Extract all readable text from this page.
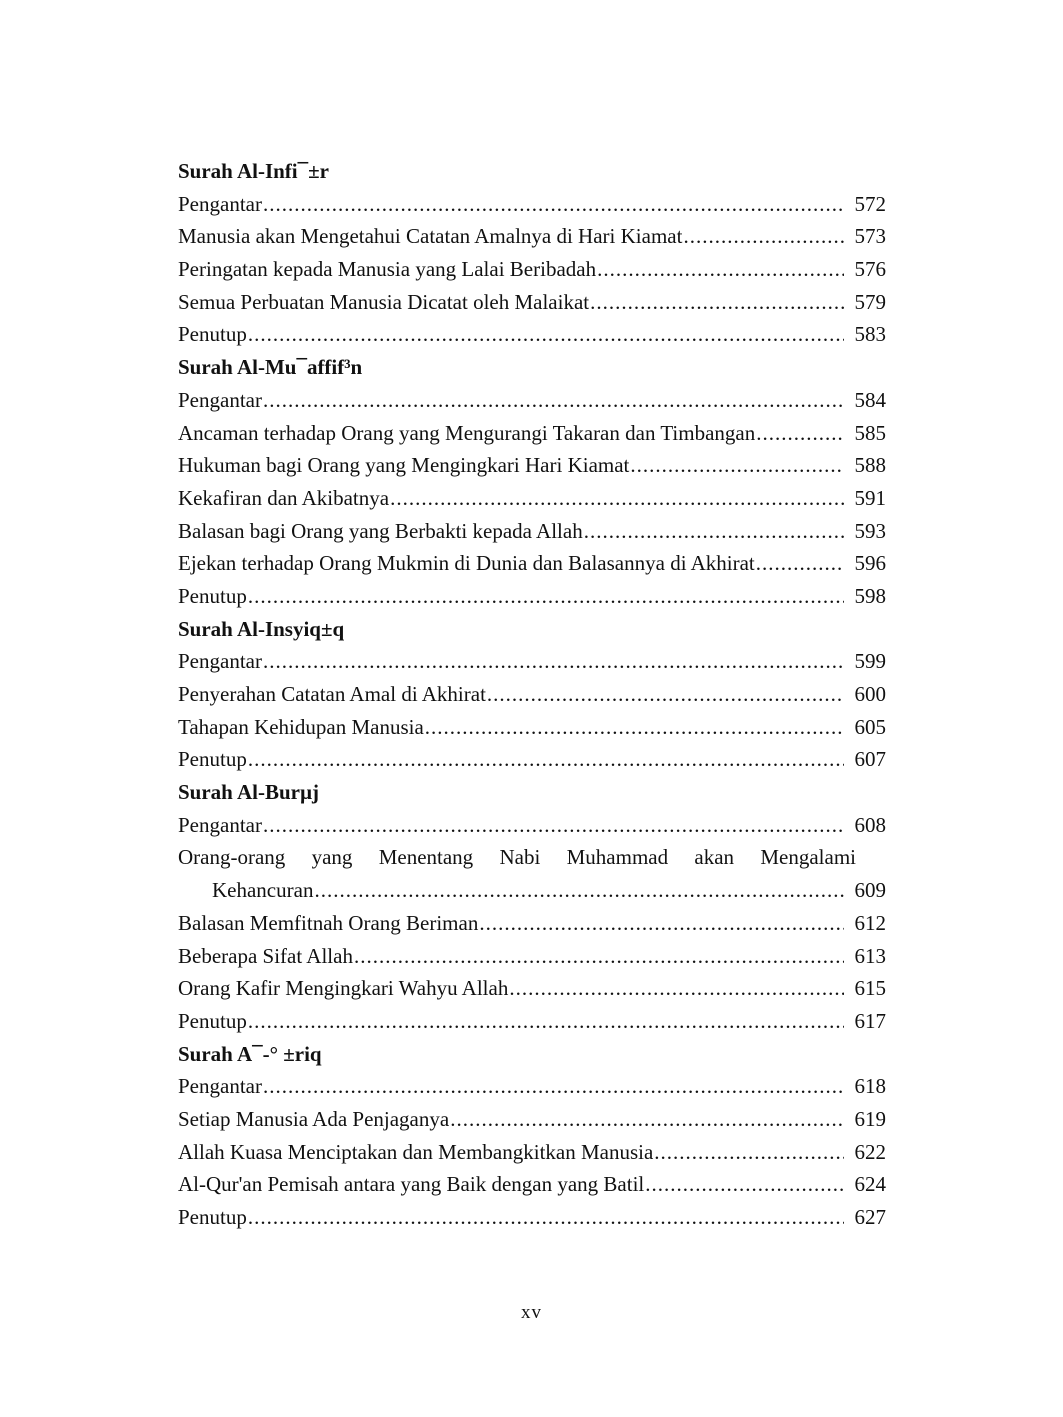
Surah Al-Infi¯±r
Pengantar .....	572
Manusia akan Mengetahui Catatan Amalnya di Hari Kiamat .....	573
Peringatan kepada Manusia yang Lalai Beribadah .....	576
Semua Perbuatan Manusia Dicatat oleh Malaikat .....	579
Penutup .....	583
Surah Al-Mu¯affif³n
Pengantar .....	584
Ancaman terhadap Orang yang Mengurangi Takaran dan Timbangan .....	585
Hukuman bagi Orang yang Mengingkari Hari Kiamat .....	588
Kekafiran dan Akibatnya .....	591
Balasan bagi Orang yang Berbakti kepada Allah .....	593
Ejekan terhadap Orang Mukmin di Dunia dan Balasannya di Akhirat .....	596
Penutup .....	598
Surah Al-Insyiq±q
Pengantar .....	599
Penyerahan Catatan Amal di Akhirat .....	600
Tahapan Kehidupan Manusia .....	605
Penutup .....	607
Surah Al-Burµj
Pengantar .....	608
Orang-orang yang Menentang Nabi Muhammad akan Mengalami
Kehancuran .....	609
Balasan Memfitnah Orang Beriman .....	612
Beberapa Sifat Allah .....	613
Orang Kafir Mengingkari Wahyu Allah .....	615
Penutup .....	617
Surah A¯-° ±riq
Pengantar .....	618
Setiap Manusia Ada Penjaganya .....	619
Allah Kuasa Menciptakan dan Membangkitkan Manusia .....	622
Al-Qur'an Pemisah antara yang Baik dengan yang Batil .....	624
Penutup .....	627
xv
